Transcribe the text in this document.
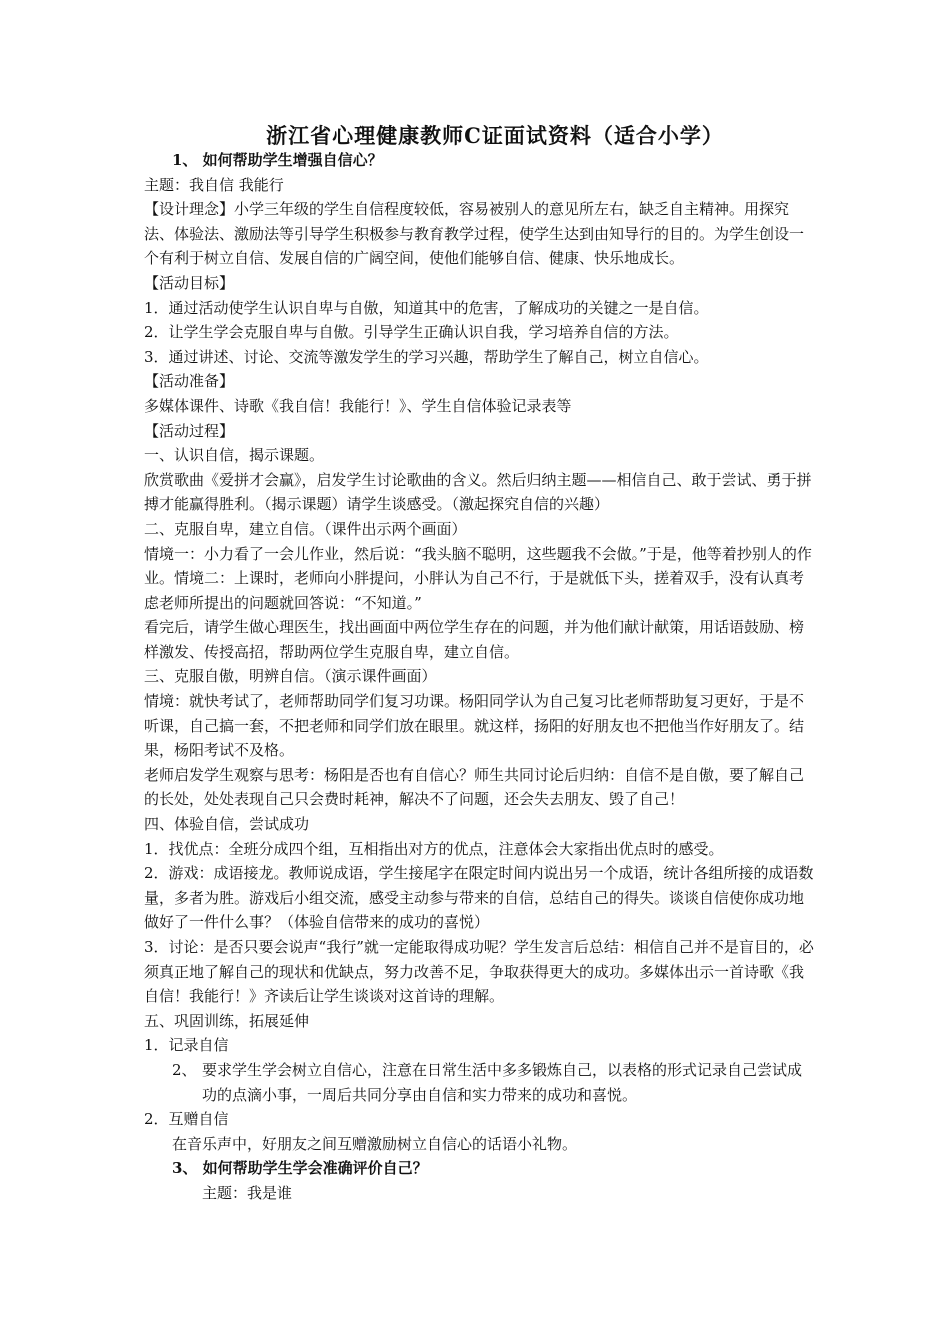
浙江省心理健康教师C证面试资料（适合小学）

1、 如何帮助学生增强自信心？

主题：我自信 我能行

【设计理念】小学三年级的学生自信程度较低，容易被别人的意见所左右，缺乏自主精神。用探究法、体验法、激励法等引导学生积极参与教育教学过程，使学生达到由知导行的目的。为学生创设一个有利于树立自信、发展自信的广阔空间，使他们能够自信、健康、快乐地成长。

【活动目标】

1．通过活动使学生认识自卑与自傲，知道其中的危害，了解成功的关键之一是自信。

2．让学生学会克服自卑与自傲。引导学生正确认识自我，学习培养自信的方法。

3．通过讲述、讨论、交流等激发学生的学习兴趣，帮助学生了解自己，树立自信心。

【活动准备】

多媒体课件、诗歌《我自信！我能行！》、学生自信体验记录表等

【活动过程】

一、认识自信，揭示课题。

欣赏歌曲《爱拼才会赢》，启发学生讨论歌曲的含义。然后归纳主题——相信自己、敢于尝试、勇于拼搏才能赢得胜利。（揭示课题）请学生谈感受。（激起探究自信的兴趣）

二、克服自卑，建立自信。（课件出示两个画面）

情境一：小力看了一会儿作业，然后说：“我头脑不聪明，这些题我不会做。”于是，他等着抄别人的作业。情境二：上课时，老师向小胖提问，小胖认为自己不行，于是就低下头，搓着双手，没有认真考虑老师所提出的问题就回答说：“不知道。”

看完后，请学生做心理医生，找出画面中两位学生存在的问题，并为他们献计献策，用话语鼓励、榜样激发、传授高招，帮助两位学生克服自卑，建立自信。

三、克服自傲，明辨自信。（演示课件画面）

情境：就快考试了，老师帮助同学们复习功课。杨阳同学认为自己复习比老师帮助复习更好，于是不听课，自己搞一套，不把老师和同学们放在眼里。就这样，扬阳的好朋友也不把他当作好朋友了。结果，杨阳考试不及格。

老师启发学生观察与思考：杨阳是否也有自信心？师生共同讨论后归纳：自信不是自傲，要了解自己的长处，处处表现自己只会费时耗神，解决不了问题，还会失去朋友、毁了自己！

四、体验自信，尝试成功

1．找优点：全班分成四个组，互相指出对方的优点，注意体会大家指出优点时的感受。

2．游戏：成语接龙。教师说成语，学生接尾字在限定时间内说出另一个成语，统计各组所接的成语数量，多者为胜。游戏后小组交流，感受主动参与带来的自信，总结自己的得失。谈谈自信使你成功地做好了一件什么事？（体验自信带来的成功的喜悦）

3．讨论：是否只要会说声“我行”就一定能取得成功呢？学生发言后总结：相信自己并不是盲目的，必须真正地了解自己的现状和优缺点，努力改善不足，争取获得更大的成功。多媒体出示一首诗歌《我自信！我能行！》齐读后让学生谈谈对这首诗的理解。

五、巩固训练，拓展延伸

1．记录自信

2、 要求学生学会树立自信心，注意在日常生活中多多锻炼自己，以表格的形式记录自己尝试成功的点滴小事，一周后共同分享由自信和实力带来的成功和喜悦。

2．互赠自信

在音乐声中，好朋友之间互赠激励树立自信心的话语小礼物。

3、 如何帮助学生学会准确评价自己？

主题：我是谁
